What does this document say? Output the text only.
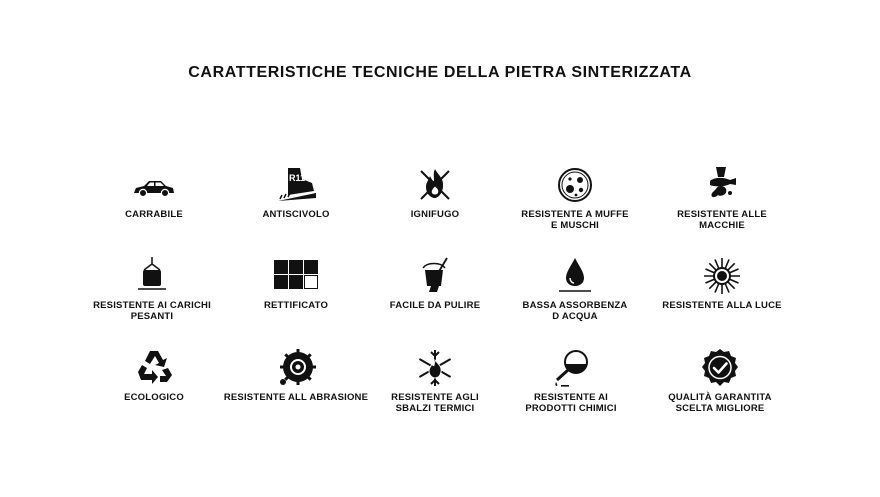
CARATTERISTICHE TECNICHE DELLA PIETRA SINTERIZZATA
CARRABILE
R11
ANTISCIVOLO	IGNIFUGO	RESISTENTE A MUFFE
E MUSCHI
RESISTENTE ALLE
MACCHIE
RESISTENTE AI CARICHI
PESANTI
RETTIFICATO	FACILE DA PULIRE	BASSA ASSORBENZA
D ACQUA
RESISTENTE ALLA LUCE
ECOLOGICO	RESISTENTE ALL ABRASIONE RESISTENTE AGLI
SBALZI TERMICI
RESISTENTE AI
PRODOTTI CHIMICI
QUALITÀ GARANTITA
SCELTA MIGLIORE
